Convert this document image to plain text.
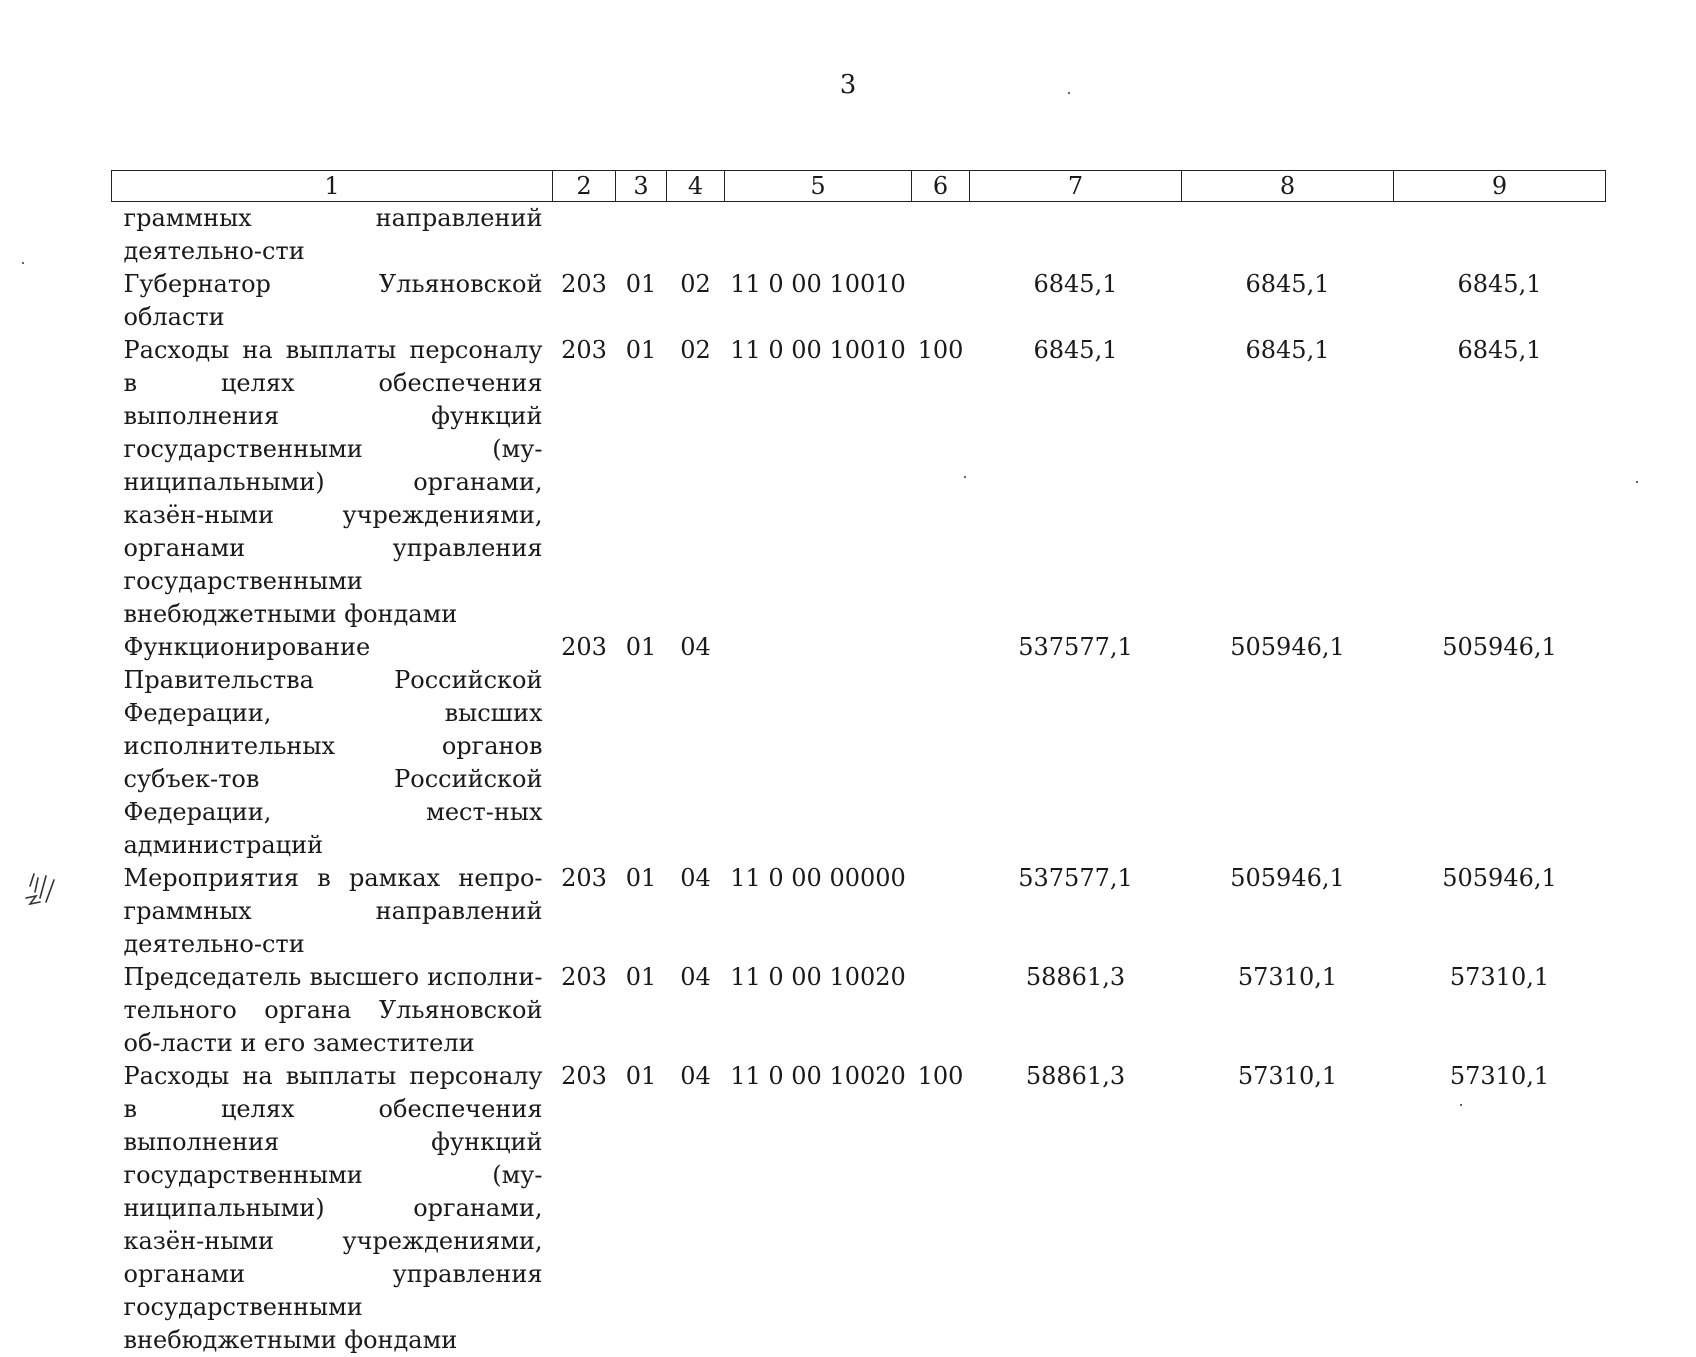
3
1	2	3	4	5	6	7	8	9
граммных направлений деятельно-сти								
Губернатор Ульяновской области	203	01	02	11 0 00 10010		6845,1	6845,1	6845,1
Расходы на выплаты персоналу в целях обеспечения выполнения функций государственными (му-ниципальными) органами, казён-ными учреждениями, органами управления государственными внебюджетными фондами	203	01	02	11 0 00 10010	100	6845,1	6845,1	6845,1
Функционирование Правительства Российской Федерации, высших исполнительных органов субъек-тов Российской Федерации, мест-ных администраций	203	01	04			537577,1	505946,1	505946,1
Мероприятия в рамках непро-граммных направлений деятельно-сти	203	01	04	11 0 00 00000		537577,1	505946,1	505946,1
Председатель высшего исполни-тельного органа Ульяновской об-ласти и его заместители	203	01	04	11 0 00 10020		58861,3	57310,1	57310,1
Расходы на выплаты персоналу в целях обеспечения выполнения функций государственными (му-ниципальными) органами, казён-ными учреждениями, органами управления государственными внебюджетными фондами	203	01	04	11 0 00 10020	100	58861,3	57310,1	57310,1
